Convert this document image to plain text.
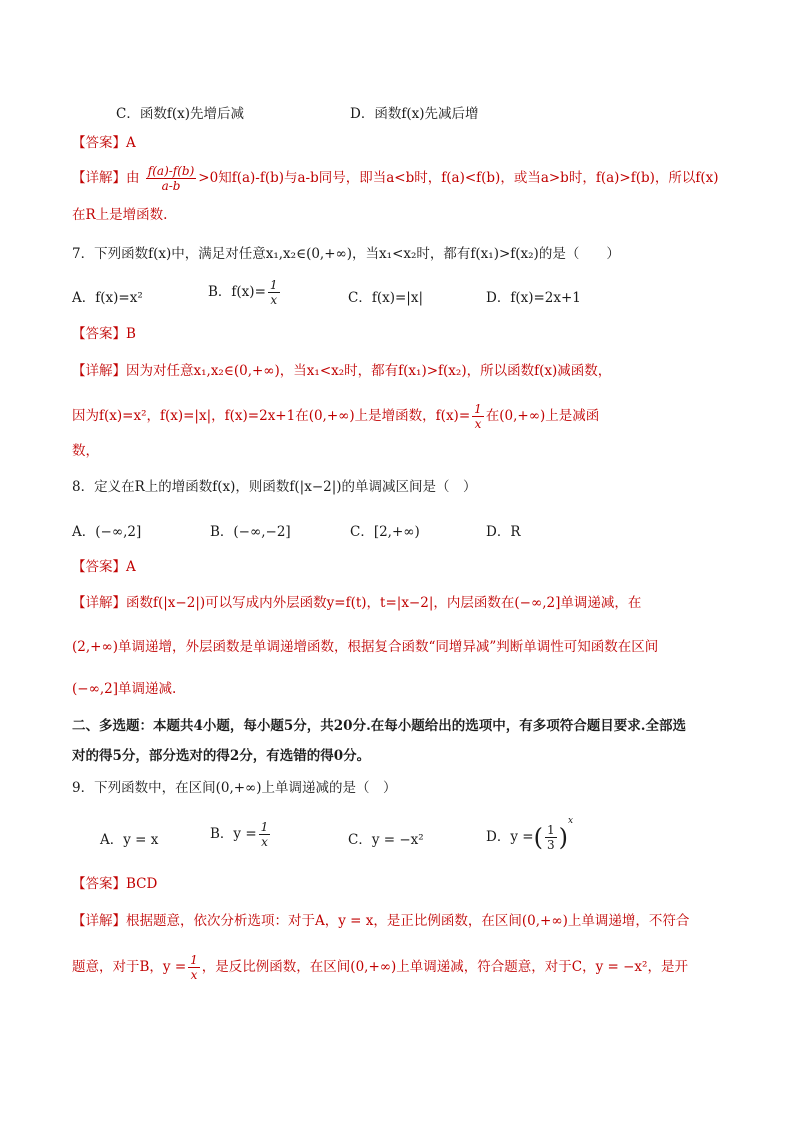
C．函数f(x)先增后减	D．函数f(x)先减后增
【答案】A
【详解】由 $\frac{f(a)-f(b)}{a-b} >0$知f(a)-f(b)与a-b同号，即当a<b时，f(a)<f(b)，或当a>b时，f(a)>f(b)，所以f(x)
在R上是增函数.
7．下列函数f(x)中，满足对任意x₁,x₂∈(0,+∞)，当x₁<x₂时，都有f(x₁)>f(x₂)的是（　　）
A．f(x)=x²	B．$f(x)= \frac{1}{x}$	C．f(x)=|x|	D．f(x)=2x+1
【答案】B
【详解】因为对任意x₁,x₂∈(0,+∞)，当x₁<x₂时，都有f(x₁)>f(x₂)，所以函数f(x)减函数，
因为f(x)=x²，f(x)=|x|，f(x)=2x+1在(0,+∞)上是增函数，$f(x)= \frac{1}{x}$ 在(0,+∞)上是减函
数，
8．定义在R上的增函数f(x)，则函数f(|x−2|)的单调减区间是（　）
A．(−∞,2]	B．(−∞,−2]	C．[2,+∞)	D．R
【答案】A
【详解】函数f(|x−2|)可以写成内外层函数y=f(t)，t=|x−2|，内层函数在(−∞,2]单调递减，在
(2,+∞)单调递增，外层函数是单调递增函数，根据复合函数“同增异减”判断单调性可知函数在区间
(−∞,2]单调递减.
二、多选题：本题共4小题，每小题5分，共20分.在每小题给出的选项中，有多项符合题目要求.全部选
对的得5分，部分选对的得2分，有选错的得0分。
9．下列函数中，在区间(0,+∞)上单调递减的是（　）
A．y = x	B．$y = \frac{1}{x}$	C．y = −x²	D．y =( $\frac{1}{3} )^x$
【答案】BCD
【详解】根据题意，依次分析选项：对于A，y = x，是正比例函数，在区间(0,+∞)上单调递增，不符合
题意，对于B，$y = \frac{1}{x}$ ，是反比例函数，在区间(0,+∞)上单调递减，符合题意，对于C，y = −x²，是开
